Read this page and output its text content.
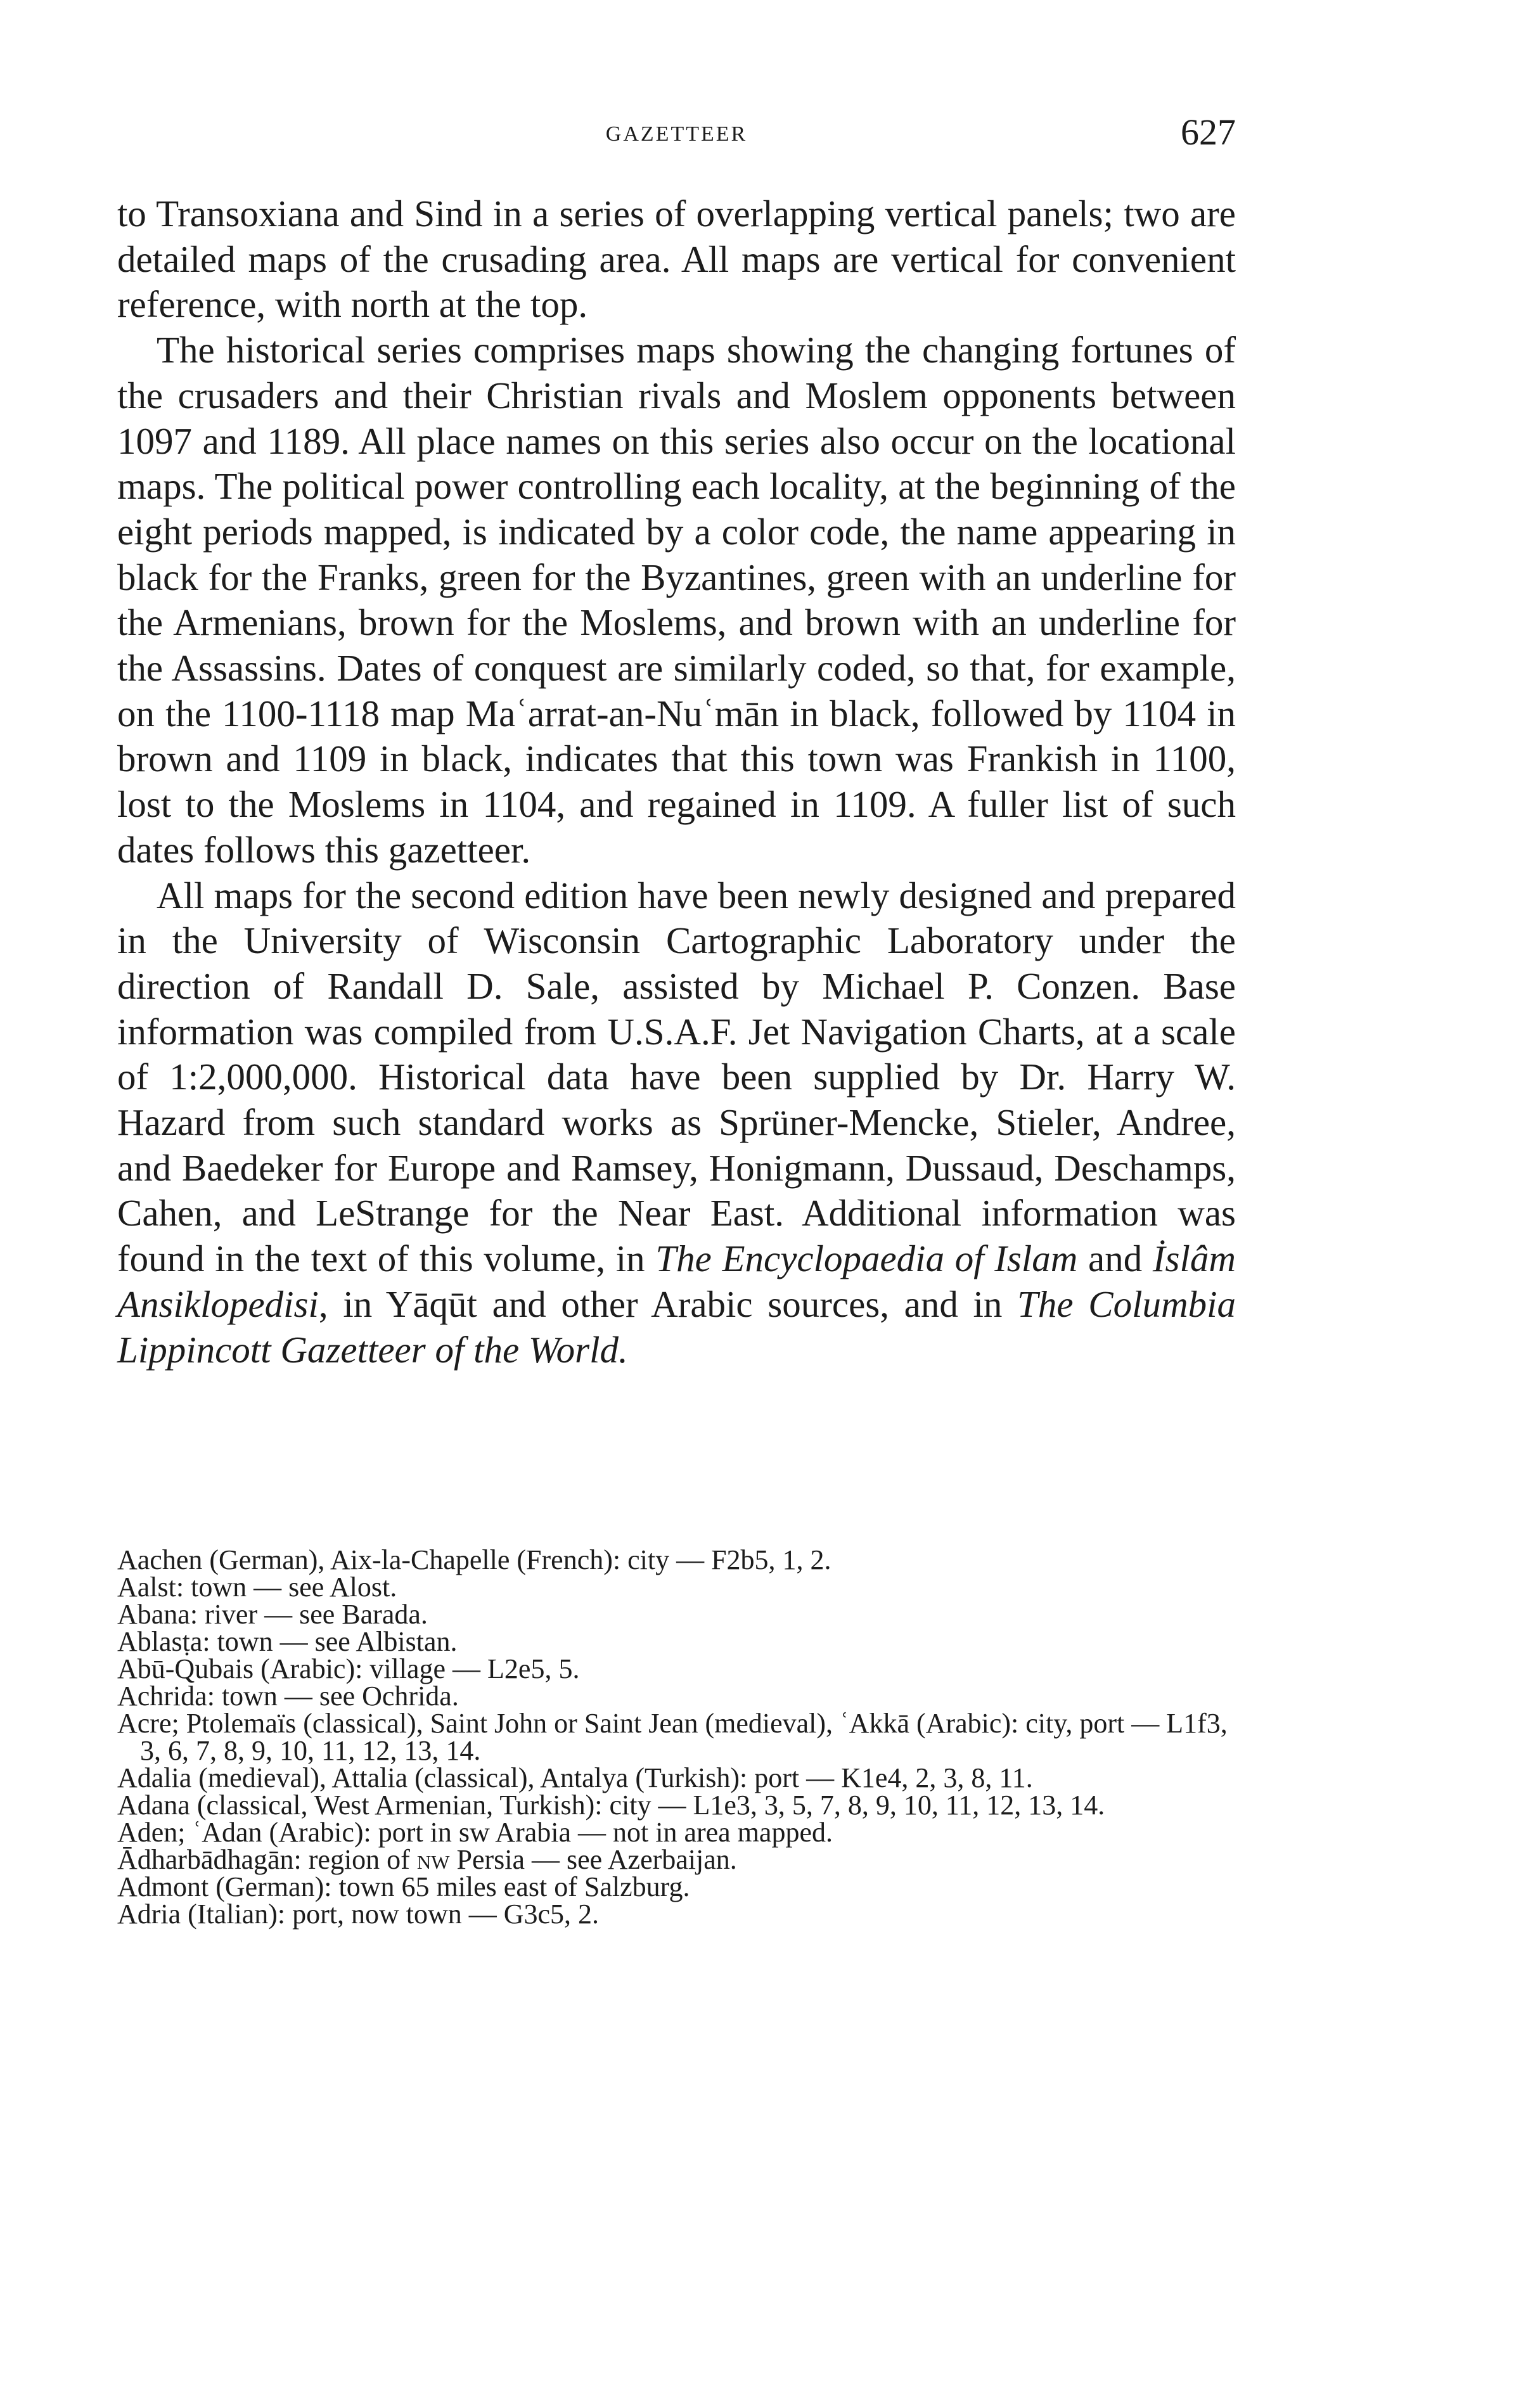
GAZETTEER	627

to Transoxiana and Sind in a series of overlapping vertical panels; two are detailed maps of the crusading area. All maps are vertical for convenient reference, with north at the top.

The historical series comprises maps showing the changing fortunes of the crusaders and their Christian rivals and Moslem opponents between 1097 and 1189. All place names on this series also occur on the locational maps. The political power controlling each locality, at the beginning of the eight periods mapped, is indicated by a color code, the name appearing in black for the Franks, green for the Byzantines, green with an underline for the Armenians, brown for the Moslems, and brown with an underline for the Assassins. Dates of conquest are similarly coded, so that, for example, on the 1100-1118 map Maʿarrat-an-Nuʿmān in black, followed by 1104 in brown and 1109 in black, indicates that this town was Frankish in 1100, lost to the Moslems in 1104, and regained in 1109. A fuller list of such dates follows this gazetteer.

All maps for the second edition have been newly designed and prepared in the University of Wisconsin Cartographic Laboratory under the direction of Randall D. Sale, assisted by Michael P. Conzen. Base information was compiled from U.S.A.F. Jet Navigation Charts, at a scale of 1:2,000,000. Historical data have been supplied by Dr. Harry W. Hazard from such standard works as Sprüner-Mencke, Stieler, Andree, and Baedeker for Europe and Ramsey, Honigmann, Dussaud, Deschamps, Cahen, and LeStrange for the Near East. Additional information was found in the text of this volume, in The Encyclopaedia of Islam and İslâm Ansiklopedisi, in Yāqūt and other Arabic sources, and in The Columbia Lippincott Gazetteer of the World.

Aachen (German), Aix-la-Chapelle (French): city — F2b5, 1, 2.
Aalst: town — see Alost.
Abana: river — see Barada.
Ablasṭa: town — see Albistan.
Abū-Qubais (Arabic): village — L2e5, 5.
Achrida: town — see Ochrida.
Acre; Ptolemaïs (classical), Saint John or Saint Jean (medieval), ʿAkkā (Arabic): city, port — L1f3, 3, 6, 7, 8, 9, 10, 11, 12, 13, 14.
Adalia (medieval), Attalia (classical), Antalya (Turkish): port — K1e4, 2, 3, 8, 11.
Adana (classical, West Armenian, Turkish): city — L1e3, 3, 5, 7, 8, 9, 10, 11, 12, 13, 14.
Aden; ʿAdan (Arabic): port in sw Arabia — not in area mapped.
Ādharbādhagān: region of nw Persia — see Azerbaijan.
Admont (German): town 65 miles east of Salzburg.
Adria (Italian): port, now town — G3c5, 2.
